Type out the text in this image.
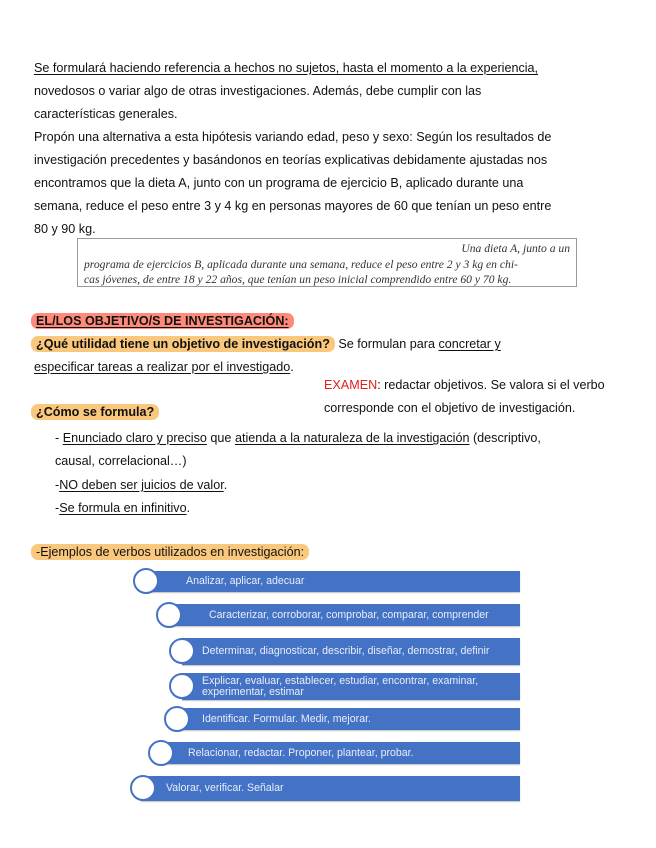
Se formulará haciendo referencia a hechos no sujetos, hasta el momento a la experiencia,
novedosos o variar algo de otras investigaciones. Además, debe cumplir con las
características generales.
Propón una alternativa a esta hipótesis variando edad, peso y sexo: Según los resultados de
investigación precedentes y basándonos en teorías explicativas debidamente ajustadas nos
encontramos que la dieta A, junto con un programa de ejercicio B, aplicado durante una
semana, reduce el peso entre 3 y 4 kg en personas mayores de 60 que tenían un peso entre
80 y 90 kg.
Una dieta A, junto a un
programa de ejercicios B, aplicada durante una semana, reduce el peso entre 2 y 3 kg en chi-
cas jóvenes, de entre 18 y 22 años, que tenían un peso inicial comprendido entre 60 y 70 kg.
EL/LOS OBJETIVO/S DE INVESTIGACIÓN:
¿Qué utilidad tiene un objetivo de investigación? Se formulan para concretar y
especificar tareas a realizar por el investigado.
EXAMEN: redactar objetivos. Se valora si el verbo
corresponde con el objetivo de investigación.
¿Cómo se formula?
- Enunciado claro y preciso que atienda a la naturaleza de la investigación (descriptivo,
causal, correlacional…)
-NO deben ser juicios de valor.
-Se formula en infinitivo.
-Ejemplos de verbos utilizados en investigación:
Analizar, aplicar, adecuar
Caracterizar, corroborar, comprobar, comparar, comprender
Determinar, diagnosticar, describir, diseñar, demostrar, definir
Explicar, evaluar, establecer, estudiar, encontrar, examinar, experimentar, estimar
Identificar. Formular. Medir, mejorar.
Relacionar, redactar. Proponer, plantear, probar.
Valorar, verificar. Señalar
